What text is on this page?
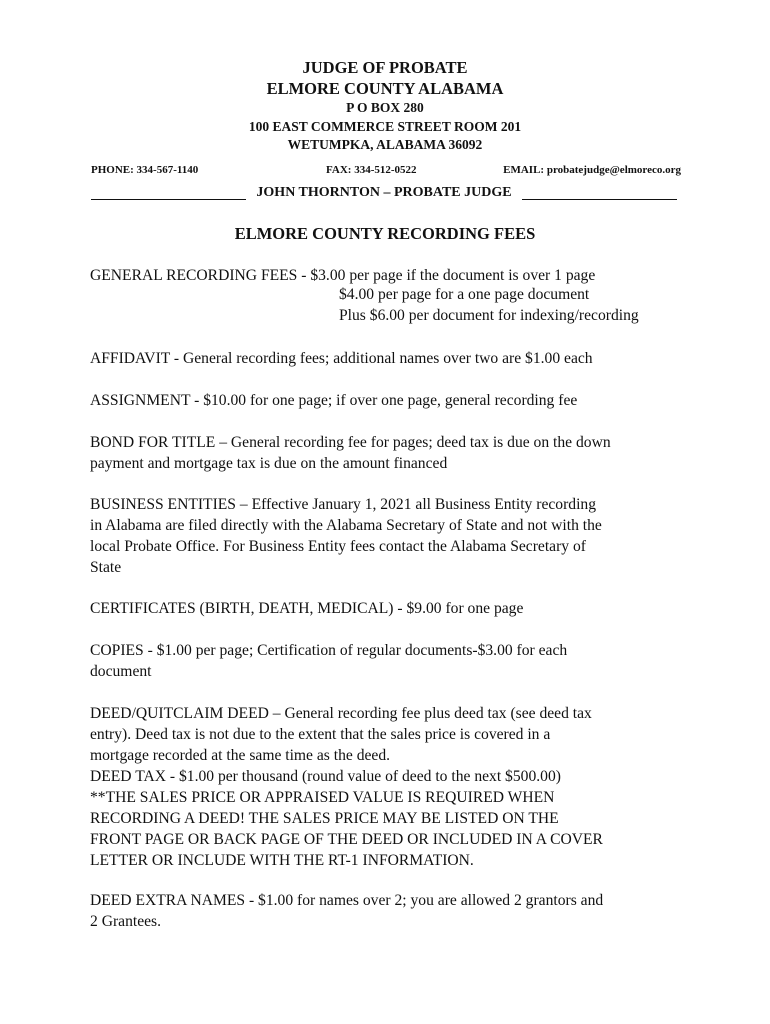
JUDGE OF PROBATE
ELMORE COUNTY ALABAMA
P O BOX 280
100 EAST COMMERCE STREET ROOM 201
WETUMPKA, ALABAMA 36092
PHONE: 334-567-1140	FAX: 334-512-0522	EMAIL: probatejudge@elmoreco.org
JOHN THORNTON – PROBATE JUDGE
ELMORE COUNTY RECORDING FEES
GENERAL RECORDING FEES - $3.00 per page if the document is over 1 page
$4.00 per page for a one page document
Plus $6.00 per document for indexing/recording
AFFIDAVIT - General recording fees; additional names over two are $1.00 each
ASSIGNMENT - $10.00 for one page; if over one page, general recording fee
BOND FOR TITLE – General recording fee for pages; deed tax is due on the down
payment and mortgage tax is due on the amount financed
BUSINESS ENTITIES – Effective January 1, 2021 all Business Entity recording
in Alabama are filed directly with the Alabama Secretary of State and not with the
local Probate Office. For Business Entity fees contact the Alabama Secretary of
State
CERTIFICATES (BIRTH, DEATH, MEDICAL) - $9.00 for one page
COPIES - $1.00 per page; Certification of regular documents-$3.00 for each
document
DEED/QUITCLAIM DEED – General recording fee plus deed tax (see deed tax
entry). Deed tax is not due to the extent that the sales price is covered in a
mortgage recorded at the same time as the deed.
DEED TAX - $1.00 per thousand (round value of deed to the next $500.00)
**THE SALES PRICE OR APPRAISED VALUE IS REQUIRED WHEN
RECORDING A DEED! THE SALES PRICE MAY BE LISTED ON THE
FRONT PAGE OR BACK PAGE OF THE DEED OR INCLUDED IN A COVER
LETTER OR INCLUDE WITH THE RT-1 INFORMATION.
DEED EXTRA NAMES - $1.00 for names over 2; you are allowed 2 grantors and
2 Grantees.
